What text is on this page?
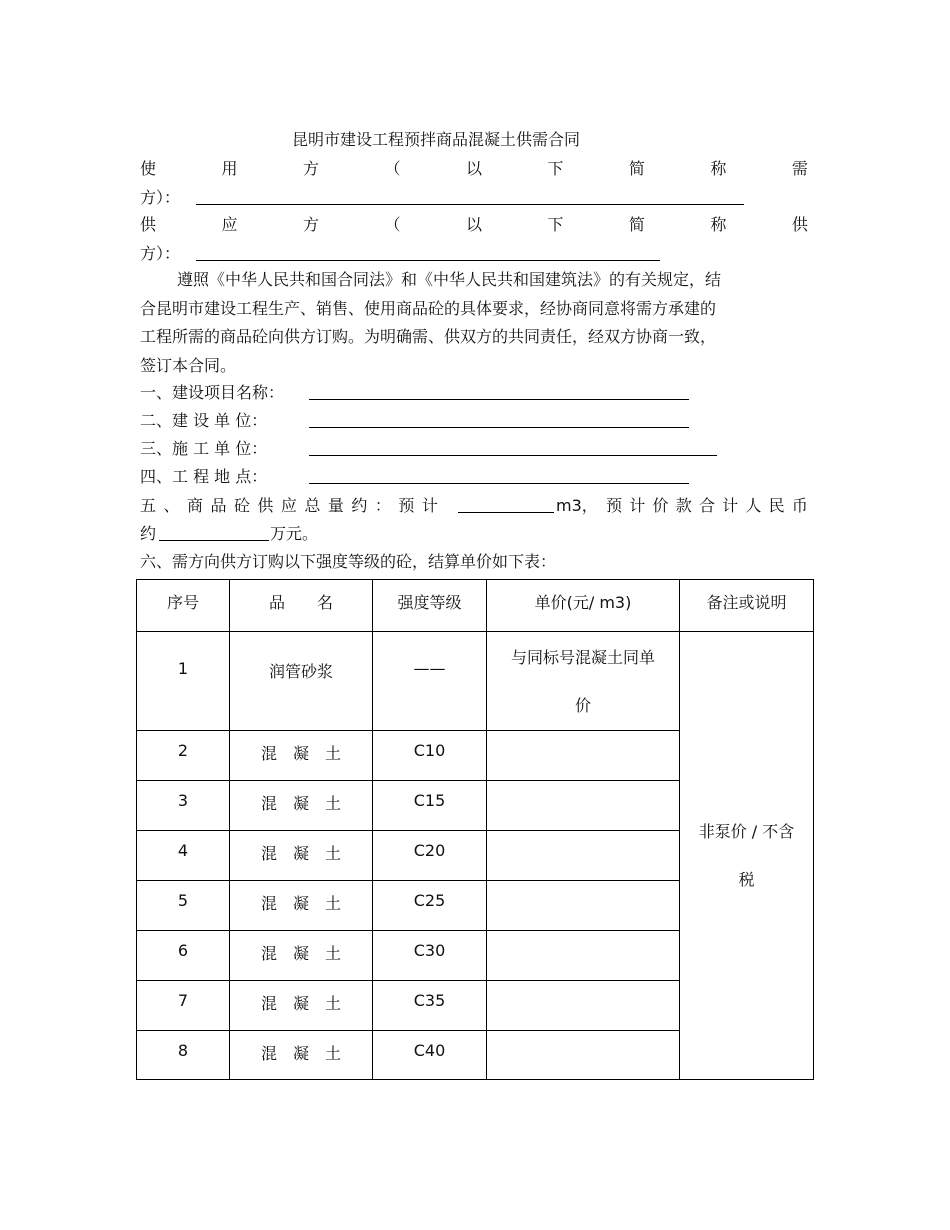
昆明市建设工程预拌商品混凝土供需合同
使	用	方	（	以	下	简	称	需
方）：
供	应	方	（	以	下	简	称	供
方）：
遵照《中华人民共和国合同法》和《中华人民共和国建筑法》的有关规定，结
合昆明市建设工程生产、销售、使用商品砼的具体要求，经协商同意将需方承建的
工程所需的商品砼向供方订购。为明确需、供双方的共同责任，经双方协商一致，
签订本合同。
一、建设项目名称：
二、建 设 单 位：
三、施 工 单 位：
四、工 程 地 点：
五 、 商 品 砼 供 应 总 量 约 ： 预 计	m3， 预 计 价 款 合 计 人 民 币
约	万元。
六、需方向供方订购以下强度等级的砼，结算单价如下表：
序号	品　　名	强度等级	单价(元/ m3)	备注或说明

1	润管砂浆	——	与同标号混凝土同单价	非泵价 / 不含税

2	混　凝　土	C10		

3	混　凝　土	C15		

4	混　凝　土	C20		

5	混　凝　土	C25		

6	混　凝　土	C30		

7	混　凝　土	C35		

8	混　凝　土	C40		
